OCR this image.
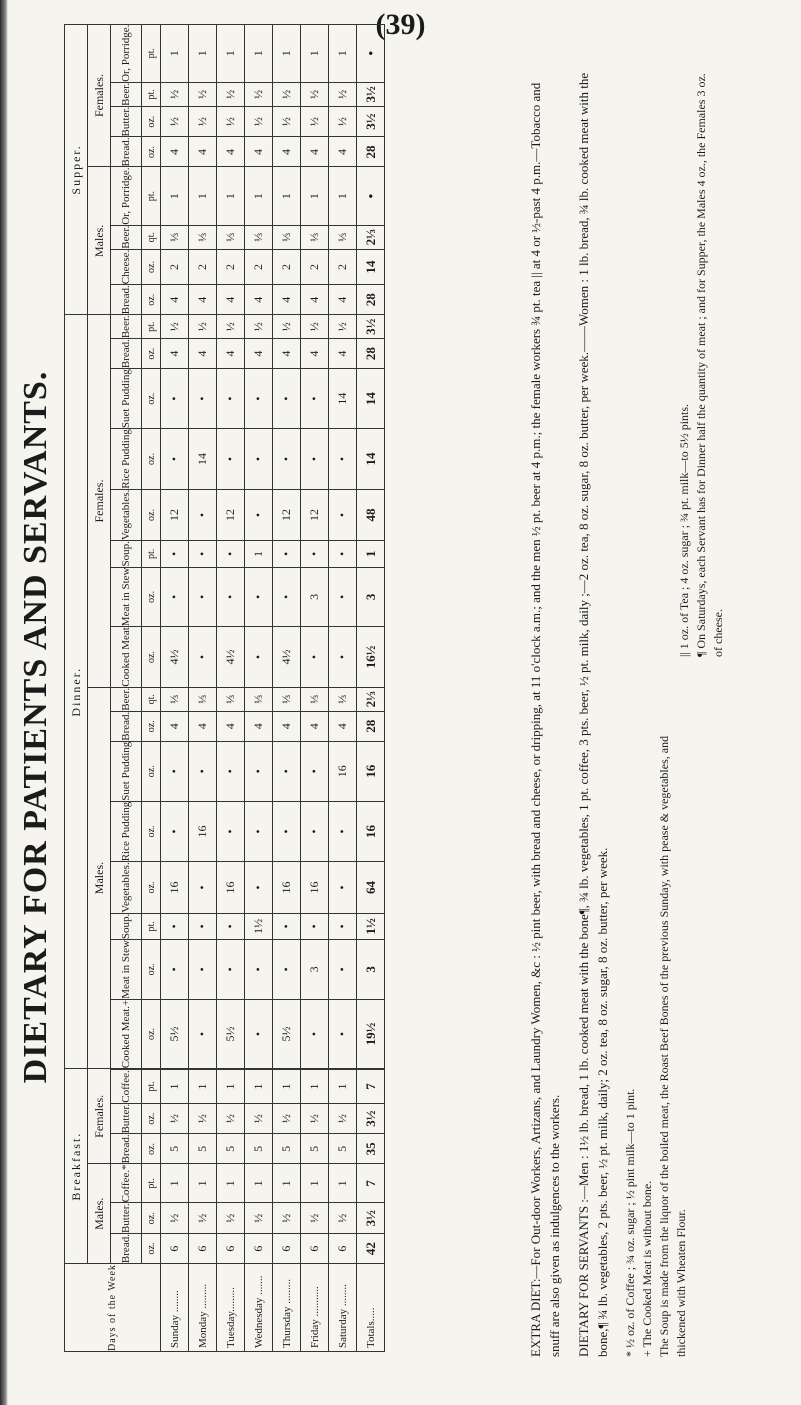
(39)
DIETARY FOR PATIENTS AND SERVANTS.
Days of the Week	Breakfast.						Dinner.																Supper.							
	Males.			Females.			Males.								Females.								Males.				Females.			
	Bread.	Butter.	Coffee.*	Bread.	Butter.	Coffee.		Cooked Meat.+	Meat in Stew	Soup.	Vegetables.	Rice Pudding	Suet Pudding	Bread.	Beer.	Cooked Meat	Meat in Stew	Soup.	Vegetables.	Rice Pudding	Suet Pudding	Bread.	Beer.	Bread.	Cheese.	Beer.	Or, Porridge.	Bread.	Butter.	Beer.	Or, Porridge.
	oz.	oz.	pt.	oz.	oz.	pt.		oz.	oz.	pt.	oz.	oz.	oz.	oz.	qt.	oz.	oz.	pt.	oz.	oz.	oz.	oz.	pt.	oz.	oz.	qt.	pt.	oz.	oz.	pt.	pt.
Sunday ........	6	½	1	5	½	1		5½	•	•	16	•	•	4	⅓	4½	•	•	12	•	•	4	½	4	2	⅓	1	4	½	½	1
Monday .........	6	½	1	5	½	1		•	•	•	•	16	•	4	⅓	•	•	•	•	14	•	4	½	4	2	⅓	1	4	½	½	1
Tuesday.........	6	½	1	5	½	1		5½	•	•	16	•	•	4	⅓	4½	•	•	12	•	•	4	½	4	2	⅓	1	4	½	½	1
Wednesday .......	6	½	1	5	½	1		•	•	1½	•	•	•	4	⅓	•	•	1	•	•	•	4	½	4	2	⅓	1	4	½	½	1
Thursday .........	6	½	1	5	½	1		5½	•	•	16	•	•	4	⅓	4½	•	•	12	•	•	4	½	4	2	⅓	1	4	½	½	1
Friday ...........	6	½	1	5	½	1		•	3	•	16	•	•	4	⅓	•	3	•	12	•	•	4	½	4	2	⅓	1	4	½	½	1
Saturday ........	6	½	1	5	½	1		•	•	•	•	•	16	4	⅓	•	•	•	•	•	14	4	½	4	2	⅓	1	4	½	½	1
Totals.....	42	3½	7	35	3½	7		19½	3	1½	64	16	16	28	2⅓	16½	3	1	48	14	14	28	3½	28	14	2⅓	•	28	3½	3½	•

EXTRA DIET:—For Out-door Workers, Artizans, and Laundry Women, &c : ½ pint beer, with bread and cheese, or dripping, at 11 o'clock a.m.; and the men ½ pt. beer at 4 p.m.; the female workers ¾ pt. tea || at 4 or ½-past 4 p.m.—Tobacco and snuff are also given as indulgences to the workers. DIETARY FOR SERVANTS :—Men : 1½ lb. bread, 1 lb. cooked meat with the bone¶, ¾ lb. vegetables, 1 pt. coffee, 3 pts. beer, ½ pt. milk, daily ;—2 oz. tea, 8 oz. sugar, 8 oz. butter, per week.——Women : 1 lb. bread, ¾ lb. cooked meat with the bone,¶ ¾ lb. vegetables, 2 pts. beer, ½ pt. milk, daily; 2 oz. tea, 8 oz. sugar, 8 oz. butter, per week. * ½ oz. of Coffee ; ¾ oz. sugar ; ½ pint milk—to 1 pint. + The Cooked Meat is without bone. The Soup is made from the liquor of the boiled meat, the Roast Beef Bones of the previous Sunday, with pease & vegetables, and thickened with Wheaten Flour.

|| 1 oz. of Tea ; 4 oz. sugar ; ¾ pt. milk—to 5½ pints. ¶ On Saturdays, each Servant has for Dinner half the quantity of meat ; and for Supper, the Males 4 oz., the Females 3 oz. of cheese.
